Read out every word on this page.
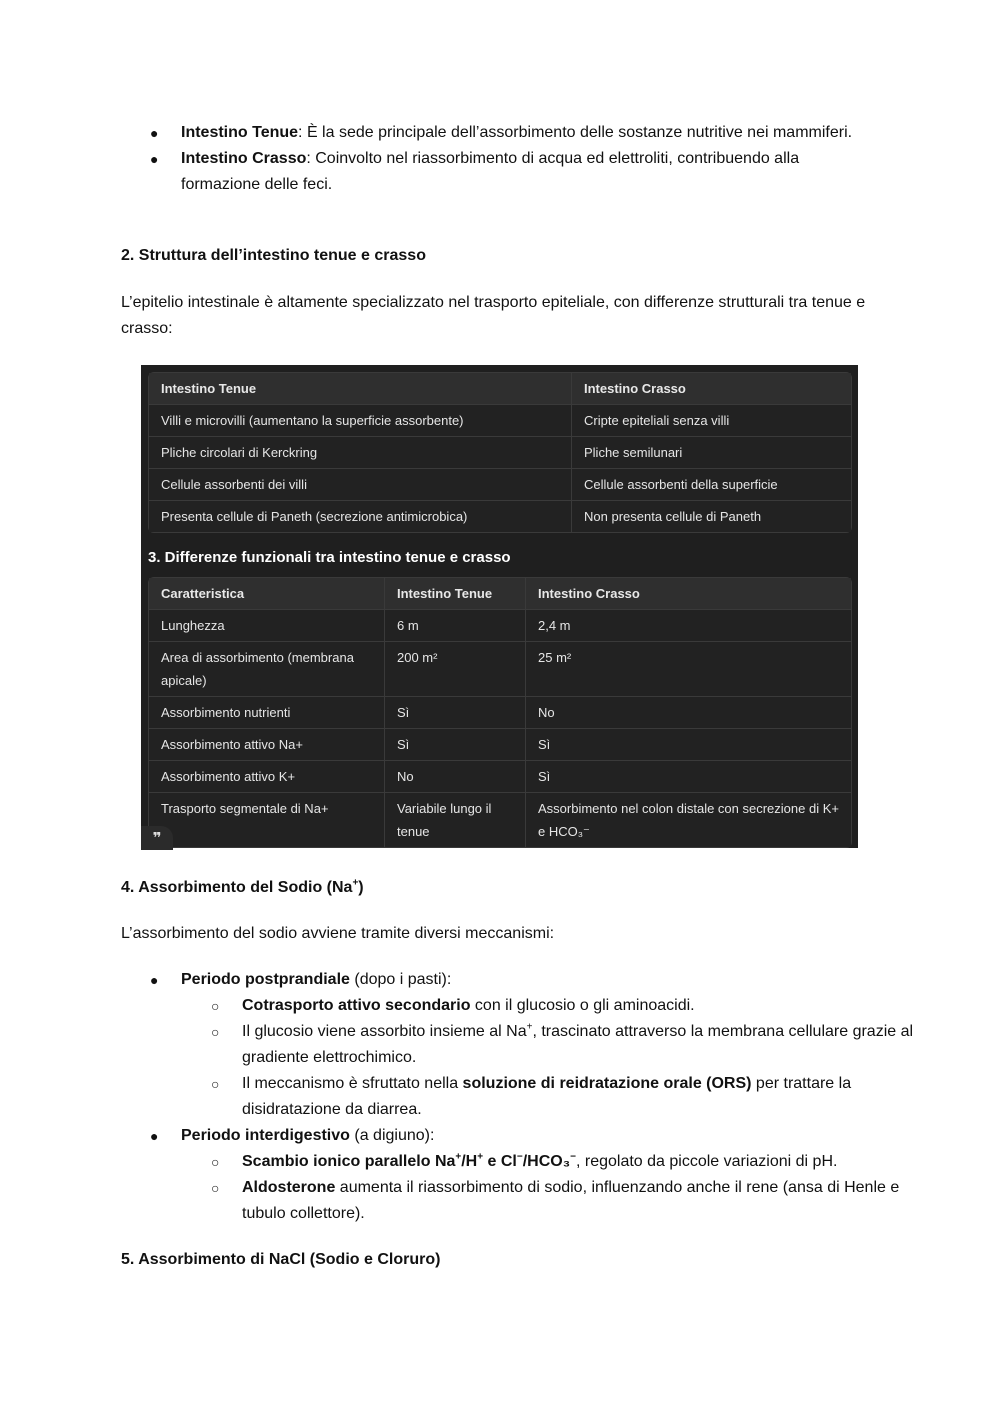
● Intestino Tenue: È la sede principale dell’assorbimento delle sostanze nutritive nei mammiferi.
● Intestino Crasso: Coinvolto nel riassorbimento di acqua ed elettroliti, contribuendo alla formazione delle feci.
2. Struttura dell’intestino tenue e crasso

L’epitelio intestinale è altamente specializzato nel trasporto epiteliale, con differenze strutturali tra tenue e crasso:

Intestino Tenue	Intestino Crasso
Villi e microvilli (aumentano la superficie assorbente)	Cripte epiteliali senza villi
Pliche circolari di Kerckring	Pliche semilunari
Cellule assorbenti dei villi	Cellule assorbenti della superficie
Presenta cellule di Paneth (secrezione antimicrobica)	Non presenta cellule di Paneth
3. Differenze funzionali tra intestino tenue e crasso
Caratteristica	Intestino Tenue	Intestino Crasso
Lunghezza	6 m	2,4 m
Area di assorbimento (membrana apicale)	200 m²	25 m²
Assorbimento nutrienti	Sì	No
Assorbimento attivo Na+	Sì	Sì
Assorbimento attivo K+	No	Sì
Trasporto segmentale di Na+	Variabile lungo il tenue	Assorbimento nel colon distale con secrezione di K+ e HCO₃⁻
❞
4. Assorbimento del Sodio (Na+)

L’assorbimento del sodio avviene tramite diversi meccanismi:

● Periodo postprandiale (dopo i pasti):
○ Cotrasporto attivo secondario con il glucosio o gli aminoacidi.
○ Il glucosio viene assorbito insieme al Na+, trascinato attraverso la membrana cellulare grazie al gradiente elettrochimico.
○ Il meccanismo è sfruttato nella soluzione di reidratazione orale (ORS) per trattare la disidratazione da diarrea.
● Periodo interdigestivo (a digiuno):
○ Scambio ionico parallelo Na+/H+ e Cl−/HCO₃−, regolato da piccole variazioni di pH.
○ Aldosterone aumenta il riassorbimento di sodio, influenzando anche il rene (ansa di Henle e tubulo collettore).
5. Assorbimento di NaCl (Sodio e Cloruro)
